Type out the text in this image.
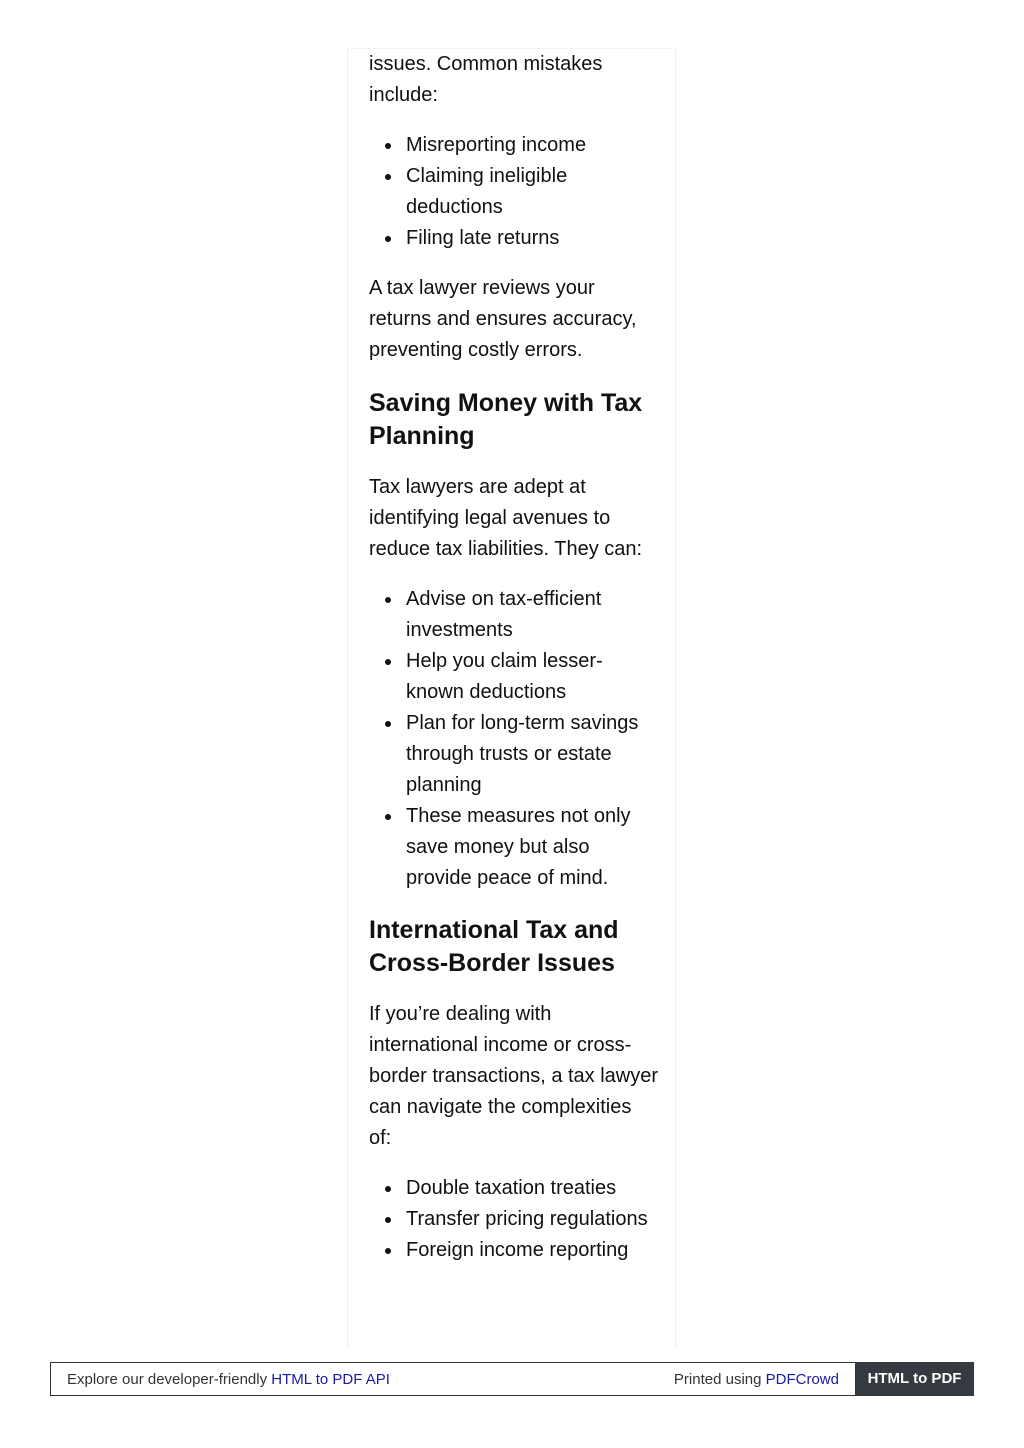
issues. Common mistakes include:

Misreporting income
Claiming ineligible deductions
Filing late returns

A tax lawyer reviews your returns and ensures accuracy, preventing costly errors.

Saving Money with Tax Planning

Tax lawyers are adept at identifying legal avenues to reduce tax liabilities. They can:

Advise on tax-efficient investments
Help you claim lesser-known deductions
Plan for long-term savings through trusts or estate planning
These measures not only save money but also provide peace of mind.
International Tax and Cross-Border Issues

If you’re dealing with international income or cross-border transactions, a tax lawyer can navigate the complexities of:

Double taxation treaties
Transfer pricing regulations
Foreign income reporting
Explore our developer-friendly HTML to PDF API	Printed using PDFCrowd	HTML to PDF
